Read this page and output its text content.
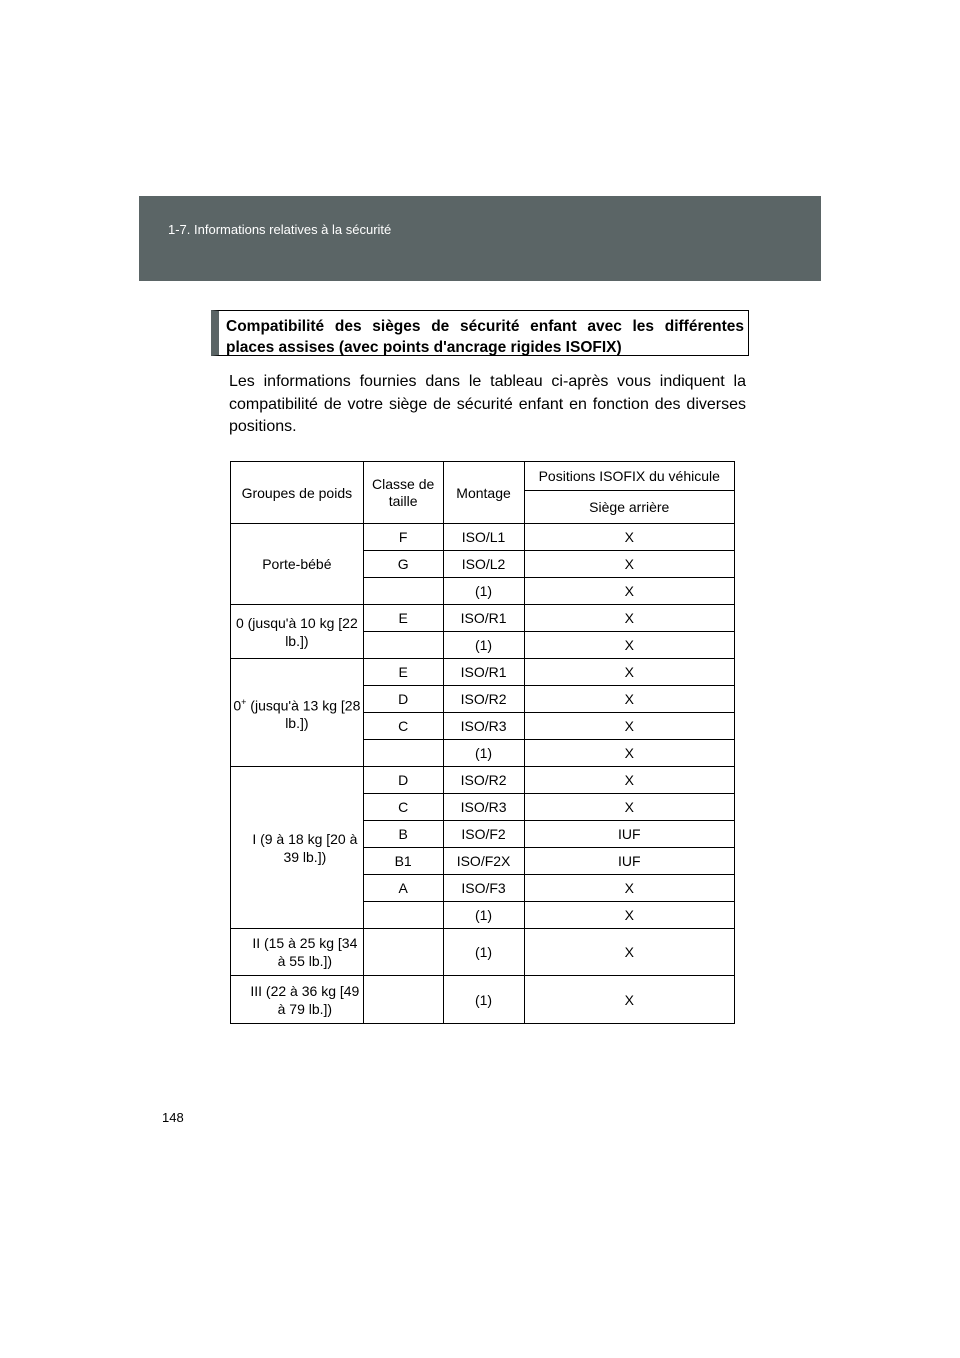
1-7. Informations relatives à la sécurité
Compatibilité des sièges de sécurité enfant avec les différentes places assises (avec points d'ancrage rigides ISOFIX)
Les informations fournies dans le tableau ci-après vous indiquent la compatibilité de votre siège de sécurité enfant en fonction des diverses positions.
Groupes de poids	Classe de taille	Montage	Positions ISOFIX du véhicule
			Siège arrière
Porte-bébé	F	ISO/L1	X
	G	ISO/L2	X
		(1)	X
0 (jusqu'à 10 kg [22 lb.])	E	ISO/R1	X
		(1)	X
0+ (jusqu'à 13 kg [28 lb.])	E	ISO/R1	X
	D	ISO/R2	X
	C	ISO/R3	X
		(1)	X
I (9 à 18 kg [20 à 39 lb.])	D	ISO/R2	X
	C	ISO/R3	X
	B	ISO/F2	IUF
	B1	ISO/F2X	IUF
	A	ISO/F3	X
		(1)	X
II (15 à 25 kg [34 à 55 lb.])		(1)	X
III (22 à 36 kg [49 à 79 lb.])		(1)	X
148
